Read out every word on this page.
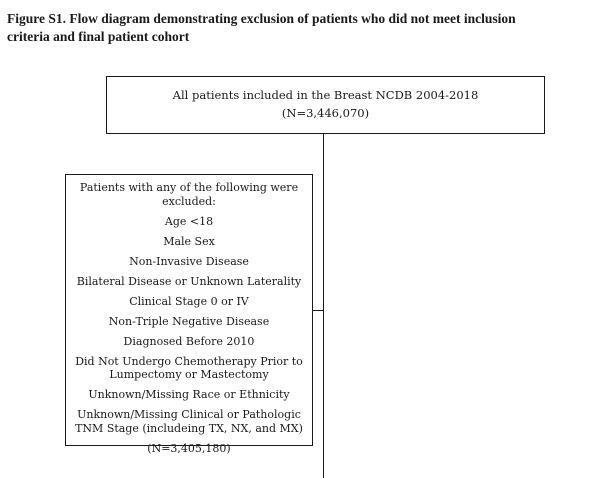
Figure S1. Flow diagram demonstrating exclusion of patients who did not meet inclusion
criteria and final patient cohort
All patients included in the Breast NCDB 2004-2018
(N=3,446,070)
Patients with any of the following were
excluded:
Age <18
Male Sex
Non-Invasive Disease
Bilateral Disease or Unknown Laterality
Clinical Stage 0 or IV
Non-Triple Negative Disease
Diagnosed Before 2010
Did Not Undergo Chemotherapy Prior to
Lumpectomy or Mastectomy
Unknown/Missing Race or Ethnicity
Unknown/Missing Clinical or Pathologic
TNM Stage (includeing TX, NX, and MX)
(N=3,405,180)
